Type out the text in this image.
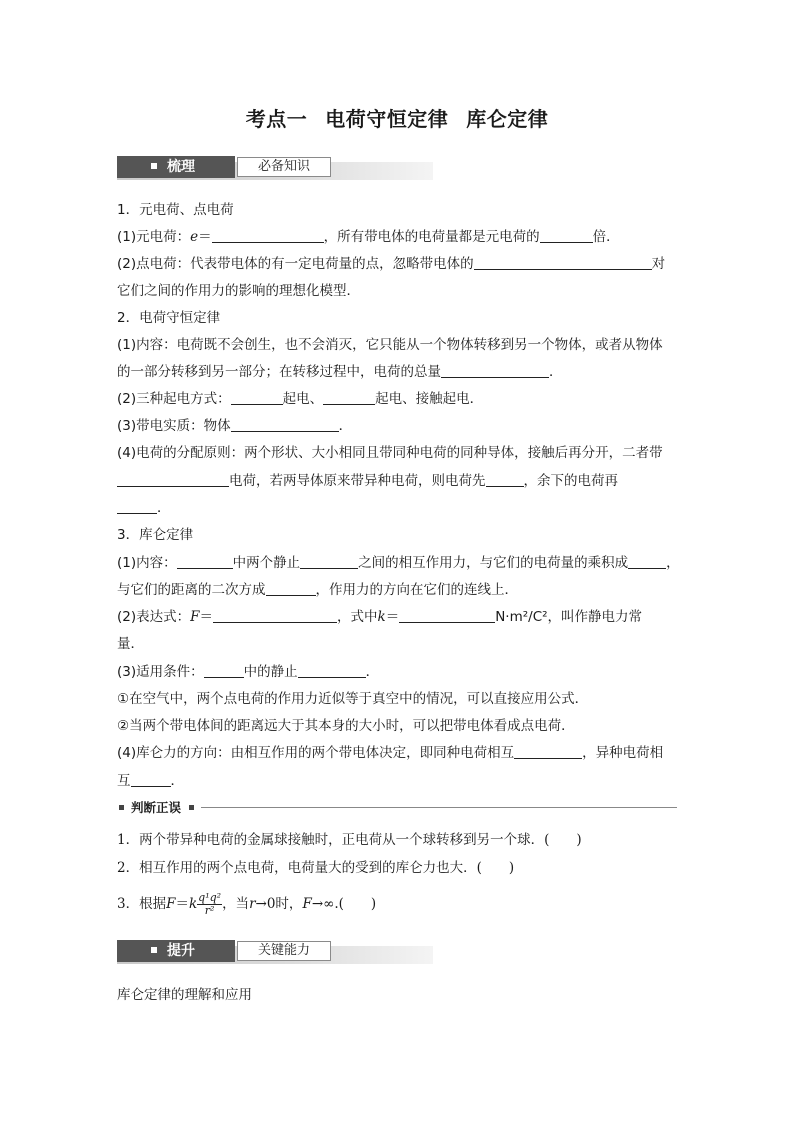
考点一 电荷守恒定律 库仑定律
梳理	必备知识
1．元电荷、点电荷
(1)元电荷：e＝	，所有带电体的电荷量都是元电荷的	倍．
(2)点电荷：代表带电体的有一定电荷量的点，忽略带电体的	对
它们之间的作用力的影响的理想化模型．
2．电荷守恒定律
(1)内容：电荷既不会创生，也不会消灭，它只能从一个物体转移到另一个物体，或者从物体
的一部分转移到另一部分；在转移过程中，电荷的总量	．
(2)三种起电方式：	起电、	起电、接触起电．
(3)带电实质：物体	．
(4)电荷的分配原则：两个形状、大小相同且带同种电荷的同种导体，接触后再分开，二者带
电荷，若两导体原来带异种电荷，则电荷先	，余下的电荷再
．
3．库仑定律
(1)内容：	中两个静止	之间的相互作用力，与它们的电荷量的乘积成	，
与它们的距离的二次方成	，作用力的方向在它们的连线上．
(2)表达式：F＝	，式中k＝	N·m²/C²，叫作静电力常
量．
(3)适用条件：	中的静止	．
①在空气中，两个点电荷的作用力近似等于真空中的情况，可以直接应用公式．
②当两个带电体间的距离远大于其本身的大小时，可以把带电体看成点电荷．
(4)库仑力的方向：由相互作用的两个带电体决定，即同种电荷相互	，异种电荷相
互	．
判断正误
1．两个带异种电荷的金属球接触时，正电荷从一个球转移到另一个球．(　　)
2．相互作用的两个点电荷，电荷量大的受到的库仑力也大．(　　)
3．根据$F=k \frac{\text{q¹q²}}{\text{r²}}$ ，当r→0时，F→∞.(　　)
提升	关键能力
库仑定律的理解和应用
